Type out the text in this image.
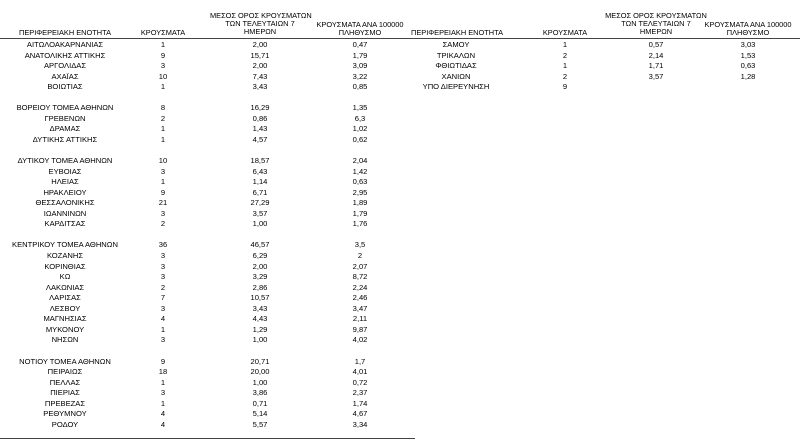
ΠΕΡΙΦΕΡΕΙΑΚΗ ΕΝΟΤΗΤΑ	ΚΡΟΥΣΜΑΤΑ
ΜΕΣΟΣ ΟΡΟΣ ΚΡΟΥΣΜΑΤΩΝ
ΤΩΝ ΤΕΛΕΥΤΑΙΩΝ 7
ΗΜΕΡΩΝ
ΚΡΟΥΣΜΑΤΑ ΑΝΑ 100000
ΠΛΗΘΥΣΜΟ
ΑΙΤΩΛΟΑΚΑΡΝΑΝΙΑΣ	1	2,00	0,47
ΑΝΑΤΟΛΙΚΗΣ ΑΤΤΙΚΗΣ	9	15,71	1,79
ΑΡΓΟΛΙΔΑΣ	3	2,00	3,09
ΑΧΑΪΑΣ	10	7,43	3,22
ΒΟΙΩΤΙΑΣ	1	3,43	0,85
ΒΟΡΕΙΟΥ ΤΟΜΕΑ ΑΘΗΝΩΝ	8	16,29	1,35
ΓΡΕΒΕΝΩΝ	2	0,86	6,3
ΔΡΑΜΑΣ	1	1,43	1,02
ΔΥΤΙΚΗΣ ΑΤΤΙΚΗΣ	1	4,57	0,62
ΔΥΤΙΚΟΥ ΤΟΜΕΑ ΑΘΗΝΩΝ	10	18,57	2,04
ΕΥΒΟΙΑΣ	3	6,43	1,42
ΗΛΕΙΑΣ	1	1,14	0,63
ΗΡΑΚΛΕΙΟΥ	9	6,71	2,95
ΘΕΣΣΑΛΟΝΙΚΗΣ	21	27,29	1,89
ΙΩΑΝΝΙΝΩΝ	3	3,57	1,79
ΚΑΡΔΙΤΣΑΣ	2	1,00	1,76
ΚΕΝΤΡΙΚΟΥ ΤΟΜΕΑ ΑΘΗΝΩΝ	36	46,57	3,5
ΚΟΖΑΝΗΣ	3	6,29	2
ΚΟΡΙΝΘΙΑΣ	3	2,00	2,07
ΚΩ	3	3,29	8,72
ΛΑΚΩΝΙΑΣ	2	2,86	2,24
ΛΑΡΙΣΑΣ	7	10,57	2,46
ΛΕΣΒΟΥ	3	3,43	3,47
ΜΑΓΝΗΣΙΑΣ	4	4,43	2,11
ΜΥΚΟΝΟΥ	1	1,29	9,87
ΝΗΣΩΝ	3	1,00	4,02
ΝΟΤΙΟΥ ΤΟΜΕΑ ΑΘΗΝΩΝ	9	20,71	1,7
ΠΕΙΡΑΙΩΣ	18	20,00	4,01
ΠΕΛΛΑΣ	1	1,00	0,72
ΠΙΕΡΙΑΣ	3	3,86	2,37
ΠΡΕΒΕΖΑΣ	1	0,71	1,74
ΡΕΘΥΜΝΟΥ	4	5,14	4,67
ΡΟΔΟΥ	4	5,57	3,34
ΠΕΡΙΦΕΡΕΙΑΚΗ ΕΝΟΤΗΤΑ	ΚΡΟΥΣΜΑΤΑ
ΜΕΣΟΣ ΟΡΟΣ ΚΡΟΥΣΜΑΤΩΝ
ΤΩΝ ΤΕΛΕΥΤΑΙΩΝ 7
ΗΜΕΡΩΝ
ΚΡΟΥΣΜΑΤΑ ΑΝΑ 100000
ΠΛΗΘΥΣΜΟ
ΣΑΜΟΥ	1	0,57	3,03
ΤΡΙΚΑΛΩΝ	2	2,14	1,53
ΦΘΙΩΤΙΔΑΣ	1	1,71	0,63
ΧΑΝΙΩΝ	2	3,57	1,28
ΥΠΟ ΔΙΕΡΕΥΝΗΣΗ	9
